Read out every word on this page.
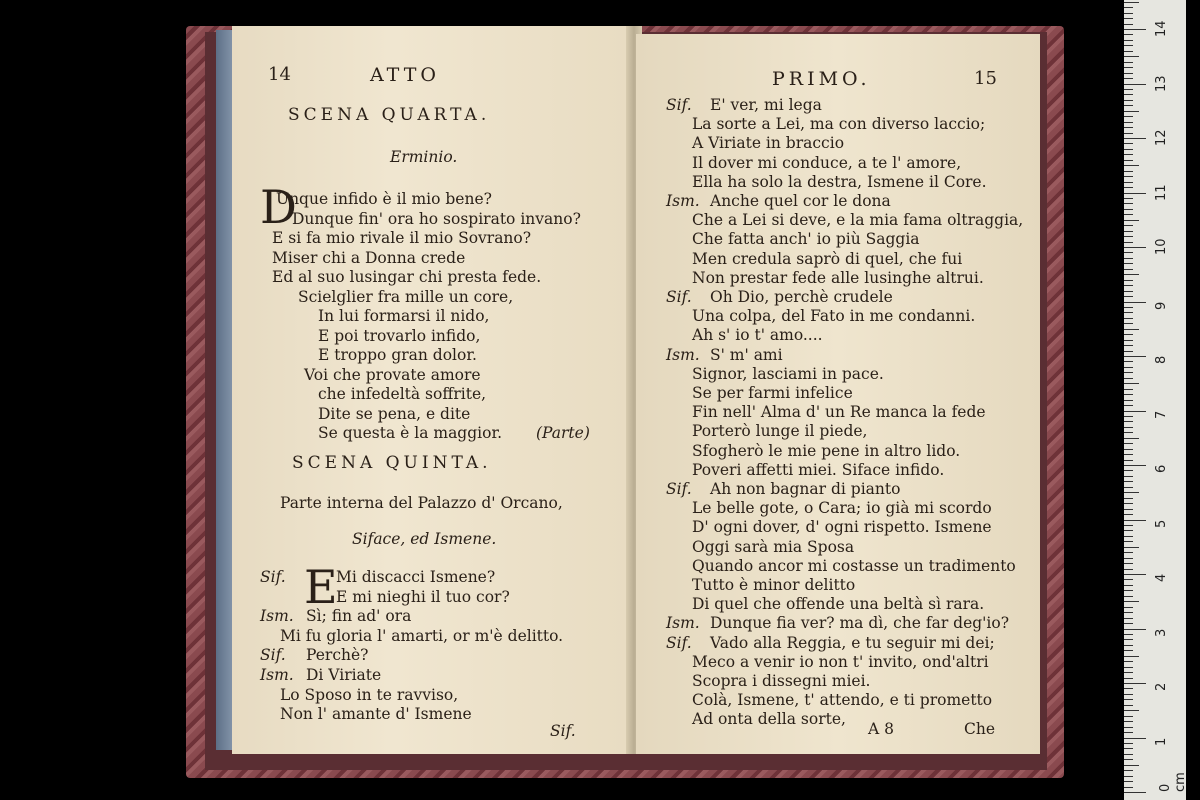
14	ATTO
SCENA QUARTA.
Erminio.
D
Unque infido è il mio bene?
Dunque fin' ora ho sospirato invano?
E si fa mio rivale il mio Sovrano?
Miser chi a Donna crede
Ed al suo lusingar chi presta fede.
Scielglier fra mille un core,
In lui formarsi il nido,
E poi trovarlo infido,
E troppo gran dolor.
Voi che provate amore
che infedeltà soffrite,
Dite se pena, e dite
Se questa è la maggior. (Parte)
SCENA QUINTA.
Parte interna del Palazzo d' Orcano,
Siface, ed Ismene.
E
Sif.	Mi discacci Ismene?
E mi nieghi il tuo cor?
Ism. Sì; fin ad' ora
Mi fu gloria l' amarti, or m'è delitto.
Sif. Perchè?
Ism. Di Viriate
Lo Sposo in te ravviso,
Non l' amante d' Ismene
Sif.
PRIMO.	15
Sif. E' ver, mi lega
La sorte a Lei, ma con diverso laccio;
A Viriate in braccio
Il dover mi conduce, a te l' amore,
Ella ha solo la destra, Ismene il Core.
Ism. Anche quel cor le dona
Che a Lei si deve, e la mia fama oltraggia,
Che fatta anch' io più Saggia
Men credula saprò di quel, che fui
Non prestar fede alle lusinghe altrui.
Sif. Oh Dio, perchè crudele
Una colpa, del Fato in me condanni.
Ah s' io t' amo....
Ism. S' m' ami
Signor, lasciami in pace.
Se per farmi infelice
Fin nell' Alma d' un Re manca la fede
Porterò lunge il piede,
Sfogherò le mie pene in altro lido.
Poveri affetti miei. Siface infido.
Sif. Ah non bagnar di pianto
Le belle gote, o Cara; io già mi scordo
D' ogni dover, d' ogni rispetto. Ismene
Oggi sarà mia Sposa
Quando ancor mi costasse un tradimento
Tutto è minor delitto
Di quel che offende una beltà sì rara.
Ism. Dunque fia ver? ma dì, che far deg'io?
Sif. Vado alla Reggia, e tu seguir mi dei;
Meco a venir io non t' invito, ond'altri
Scopra i dissegni miei.
Colà, Ismene, t' attendo, e ti prometto
Ad onta della sorte,
A 8	Che
0 cm
1
2
3
4
5
6
7
8
9
10
11
12
13
14
